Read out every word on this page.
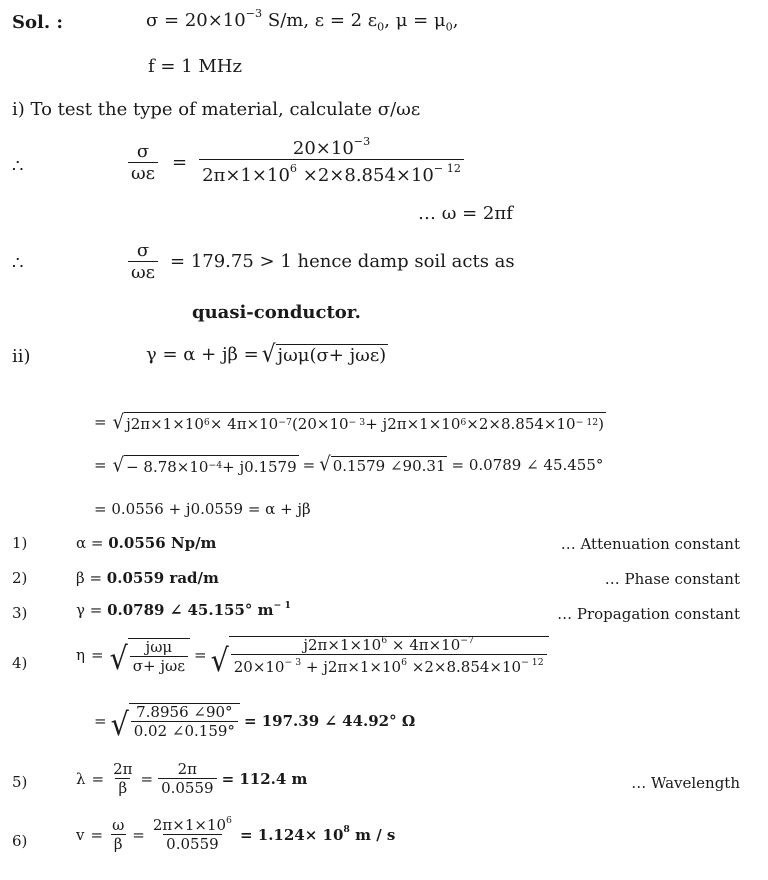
Sol. :	$\sigma = 20\times 10^{-3}$ S/m, ε = 2 $\varepsilon_0$, $\mu = \mu_0$,
f = 1 MHz
i) To test the type of material, calculate σ/ωε
∴	$\frac{\sigma}{\omega\varepsilon} = \frac{20\times 10^{-3}}{2\pi\times 1\times 10^6 \times 2\times 8.854\times 10^{- 12}}$
… ω = 2πf
∴	$\frac{\sigma}{\omega\varepsilon} = 179.75 > 1$ hence damp soil acts as
quasi-conductor.
ii)	γ = α + jβ = √ jωμ(σ+ jωε)
= √ $j2\pi\times 1\times 10^6 \times 4\pi\times 10^{-7}$ ($20\times 10^{- 3} + j2\pi\times 1\times 10^6 \times 2\times 8.854\times 10^{- 12}$ )
= √ − $8.78\times 10^{-4} + j0.1579$ = √ 0.1579 ∠90.31 = 0.0789 ∠ 45.455°
= 0.0556 + j0.0559 = α + jβ
1)	α = 0.0556 Np/m	… Attenuation constant
2)	β = 0.0559 rad/m	… Phase constant
3)	γ = 0.0789 ∠ 45.155° $m^{- 1}$	… Propagation constant
4)	η = √ $\frac{\text{jωμ}}{\text{σ+ jωε}}$ = √ $\frac{j2\pi\times 1\times 10^6 \times 4\pi\times 10^{-7}}{20\times 10^{- 3} + j2\pi\times 1\times 10^6 \times 2\times 8.854\times 10^{- 12}}$
= √ $\frac{7.8956 \angle 90^\circ}{0.02 \angle 0.159^\circ} = 197.39$ ∠ 44.92° Ω
5)	$\lambda = \frac{2\pi}{\beta} = \frac{2\pi}{0.0559} = 112.4$ m	… Wavelength
6)	$v = \frac{\omega}{\beta} = \frac{2\pi\times 1\times 10^6}{0.0559} = 1.124\times 10^8$ m / s
